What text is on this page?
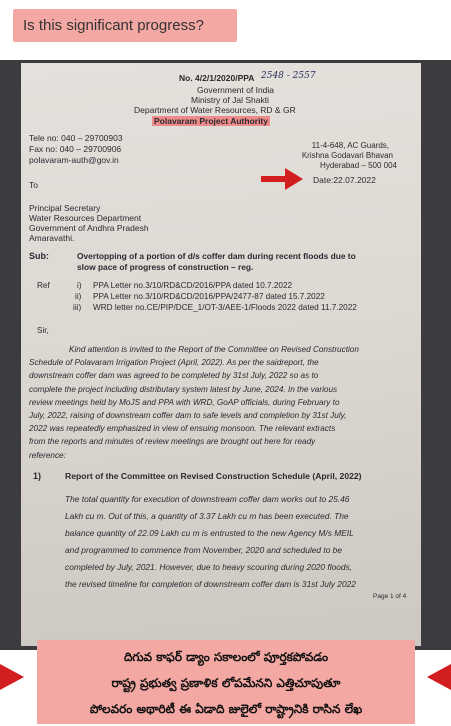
Is this significant progress?
No. 4/2/1/2020/PPA 2548 - 2557
Government of India
Ministry of Jal Shakti
Department of Water Resources, RD & GR
Polavaram Project Authority
Tele no: 040 – 29700903
Fax no: 040 – 29700906
polavaram-auth@gov.in
11-4-648, AC Guards,
Krishna Godavari Bhavan
Hyderabad – 500 004
Date:22.07.2022
To
Principal Secretary
Water Resources Department
Government of Andhra Pradesh
Amaravathi.
Sub:	Overtopping of a portion of d/s coffer dam during recent floods due to
slow pace of progress of construction – reg.
Ref	i) PPA Letter no.3/10/RD&CD/2016/PPA dated 10.7.2022
ii) PPA Letter no.3/10/RD&CD/2016/PPA/2477-87 dated 15.7.2022
iii) WRD letter no.CE/PIP/DCE_1/OT-3/AEE-1/Floods 2022 dated 11.7.2022
Sir,

Kind attention is invited to the Report of the Committee on Revised Construction

Schedule of Polavaram Irrigation Project (April, 2022). As per the saidreport, the

downstream coffer dam was agreed to be completed by 31st July, 2022 so as to

complete the project including distributary system latest by June, 2024. In the various

review meetings held by MoJS and PPA with WRD, GoAP officials, during February to

July, 2022, raising of downstream coffer dam to safe levels and completion by 31st July,

2022 was repeatedly emphasized in view of ensuing monsoon. The relevant extracts

from the reports and minutes of review meetings are brought out here for ready

reference:

1)	Report of the Committee on Revised Construction Schedule (April, 2022)

The total quantity for execution of downstream coffer dam works out to 25.46

Lakh cu m. Out of this, a quantity of 3.37 Lakh cu m has been executed. The

balance quantity of 22.09 Lakh cu m is entrusted to the new Agency M/s MEIL

and programmed to commence from November, 2020 and scheduled to be

completed by July, 2021. However, due to heavy scouring during 2020 floods,

the revised timeline for completion of downstream coffer dam is 31st July 2022

Page 1 of 4
దిగువ కాఫర్ డ్యాం సకాలంలో పూర్తకపోవడం
రాష్ట్ర ప్రభుత్వ ప్రణాళిక లోపమేనని ఎత్తిచూపుతూ
పోలవరం అథారిటీ ఈ ఏడాది జులైలో రాష్ట్రానికి రాసిన లేఖ
